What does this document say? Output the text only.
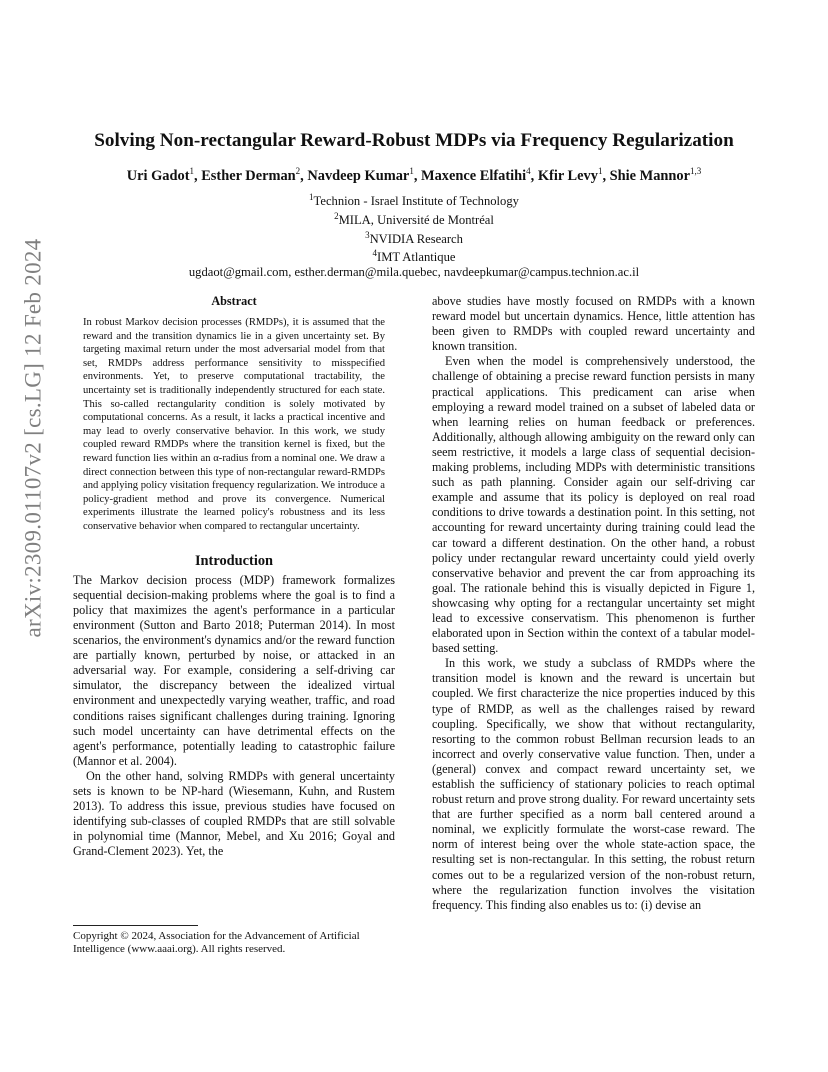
arXiv:2309.01107v2 [cs.LG] 12 Feb 2024
Solving Non-rectangular Reward-Robust MDPs via Frequency Regularization
Uri Gadot$^1$, Esther Derman$^2$, Navdeep Kumar$^1$, Maxence Elfatihi$^4$, Kfir Levy$^1$, Shie Mannor$^{1,3}$
$^1$Technion - Israel Institute of Technology
$^2$MILA, Université de Montréal
$^3$NVIDIA Research
$^4$IMT Atlantique
ugdaot@gmail.com, esther.derman@mila.quebec, navdeepkumar@campus.technion.ac.il
Abstract

In robust Markov decision processes (RMDPs), it is assumed that the reward and the transition dynamics lie in a given uncertainty set. By targeting maximal return under the most adversarial model from that set, RMDPs address performance sensitivity to misspecified environments. Yet, to preserve computational tractability, the uncertainty set is traditionally independently structured for each state. This so-called rectangularity condition is solely motivated by computational concerns. As a result, it lacks a practical incentive and may lead to overly conservative behavior. In this work, we study coupled reward RMDPs where the transition kernel is fixed, but the reward function lies within an α-radius from a nominal one. We draw a direct connection between this type of non-rectangular reward-RMDPs and applying policy visitation frequency regularization. We introduce a policy-gradient method and prove its convergence. Numerical experiments illustrate the learned policy's robustness and its less conservative behavior when compared to rectangular uncertainty.

Introduction

The Markov decision process (MDP) framework formalizes sequential decision-making problems where the goal is to find a policy that maximizes the agent's performance in a particular environment (Sutton and Barto 2018; Puterman 2014). In most scenarios, the environment's dynamics and/or the reward function are partially known, perturbed by noise, or attacked in an adversarial way. For example, considering a self-driving car simulator, the discrepancy between the idealized virtual environment and unexpectedly varying weather, traffic, and road conditions raises significant challenges during training. Ignoring such model uncertainty can have detrimental effects on the agent's performance, potentially leading to catastrophic failure (Mannor et al. 2004).

On the other hand, solving RMDPs with general uncertainty sets is known to be NP-hard (Wiesemann, Kuhn, and Rustem 2013). To address this issue, previous studies have focused on identifying sub-classes of coupled RMDPs that are still solvable in polynomial time (Mannor, Mebel, and Xu 2016; Goyal and Grand-Clement 2023). Yet, the

Copyright © 2024, Association for the Advancement of Artificial Intelligence (www.aaai.org). All rights reserved.

above studies have mostly focused on RMDPs with a known reward model but uncertain dynamics. Hence, little attention has been given to RMDPs with coupled reward uncertainty and known transition.

Even when the model is comprehensively understood, the challenge of obtaining a precise reward function persists in many practical applications. This predicament can arise when employing a reward model trained on a subset of labeled data or when learning relies on human feedback or preferences. Additionally, although allowing ambiguity on the reward only can seem restrictive, it models a large class of sequential decision-making problems, including MDPs with deterministic transitions such as path planning. Consider again our self-driving car example and assume that its policy is deployed on real road conditions to drive towards a destination point. In this setting, not accounting for reward uncertainty during training could lead the car toward a different destination. On the other hand, a robust policy under rectangular reward uncertainty could yield overly conservative behavior and prevent the car from approaching its goal. The rationale behind this is visually depicted in Figure 1, showcasing why opting for a rectangular uncertainty set might lead to excessive conservatism. This phenomenon is further elaborated upon in Section within the context of a tabular model-based setting.

In this work, we study a subclass of RMDPs where the transition model is known and the reward is uncertain but coupled. We first characterize the nice properties induced by this type of RMDP, as well as the challenges raised by reward coupling. Specifically, we show that without rectangularity, resorting to the common robust Bellman recursion leads to an incorrect and overly conservative value function. Then, under a (general) convex and compact reward uncertainty set, we establish the sufficiency of stationary policies to reach optimal robust return and prove strong duality. For reward uncertainty sets that are further specified as a norm ball centered around a nominal, we explicitly formulate the worst-case reward. The norm of interest being over the whole state-action space, the resulting set is non-rectangular. In this setting, the robust return comes out to be a regularized version of the non-robust return, where the regularization function involves the visitation frequency. This finding also enables us to: (i) devise an
